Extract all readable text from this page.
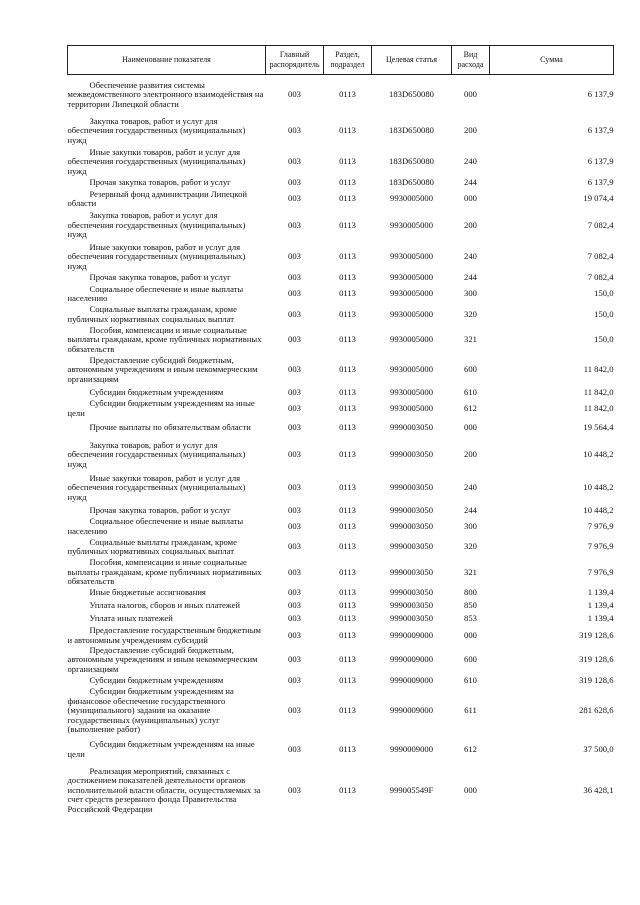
Наименование показателя	Главный распорядитель	Раздел, подраздел	Целевая статья	Вид расхода	Сумма

Обеспечение развития системы межведомственного электронного взаимодействия на территории Липецкой области	003	0113	183D650080	000	6 137,9

Закупка товаров, работ и услуг для обеспечения государственных (муниципальных) нужд	003	0113	183D650080	200	6 137,9

Иные закупки товаров, работ и услуг для обеспечения государственных (муниципальных) нужд	003	0113	183D650080	240	6 137,9

Прочая закупка товаров, работ и услуг	003	0113	183D650080	244	6 137,9

Резервный фонд администрации Липецкой области	003	0113	9930005000	000	19 074,4

Закупка товаров, работ и услуг для обеспечения государственных (муниципальных) нужд	003	0113	9930005000	200	7 082,4

Иные закупки товаров, работ и услуг для обеспечения государственных (муниципальных) нужд	003	0113	9930005000	240	7 082,4

Прочая закупка товаров, работ и услуг	003	0113	9930005000	244	7 082,4

Социальное обеспечение и иные выплаты населению	003	0113	9930005000	300	150,0

Социальные выплаты гражданам, кроме публичных нормативных социальных выплат	003	0113	9930005000	320	150,0

Пособия, компенсации и иные социальные выплаты гражданам, кроме публичных нормативных обязательств	003	0113	9930005000	321	150,0

Предоставление субсидий бюджетным, автономным учреждениям и иным некоммерческим организациям	003	0113	9930005000	600	11 842,0

Субсидии бюджетным учреждениям	003	0113	9930005000	610	11 842,0

Субсидии бюджетным учреждениям на иные цели	003	0113	9930005000	612	11 842,0

Прочие выплаты по обязательствам области	003	0113	9990003050	000	19 564,4

Закупка товаров, работ и услуг для обеспечения государственных (муниципальных) нужд	003	0113	9990003050	200	10 448,2

Иные закупки товаров, работ и услуг для обеспечения государственных (муниципальных) нужд	003	0113	9990003050	240	10 448,2

Прочая закупка товаров, работ и услуг	003	0113	9990003050	244	10 448,2

Социальное обеспечение и иные выплаты населению	003	0113	9990003050	300	7 976,9

Социальные выплаты гражданам, кроме публичных нормативных социальных выплат	003	0113	9990003050	320	7 976,9

Пособия, компенсации и иные социальные выплаты гражданам, кроме публичных нормативных обязательств	003	0113	9990003050	321	7 976,9

Иные бюджетные ассигнования	003	0113	9990003050	800	1 139,4

Уплата налогов, сборов и иных платежей	003	0113	9990003050	850	1 139,4

Уплата иных платежей	003	0113	9990003050	853	1 139,4

Предоставление государственным бюджетным и автономным учреждениям субсидий	003	0113	9990009000	000	319 128,6

Предоставление субсидий бюджетным, автономным учреждениям и иным некоммерческим организациям	003	0113	9990009000	600	319 128,6

Субсидии бюджетным учреждениям	003	0113	9990009000	610	319 128,6

Субсидии бюджетным учреждениям на финансовое обеспечение государственного (муниципального) задания на оказание государственных (муниципальных) услуг (выполнение работ)	003	0113	9990009000	611	281 628,6

Субсидии бюджетным учреждениям на иные цели	003	0113	9990009000	612	37 500,0

Реализация мероприятий, связанных с достижением показателей деятельности органов исполнительной власти области, осуществляемых за счет средств резервного фонда Правительства Российской Федерации	003	0113	999005549F	000	36 428,1
